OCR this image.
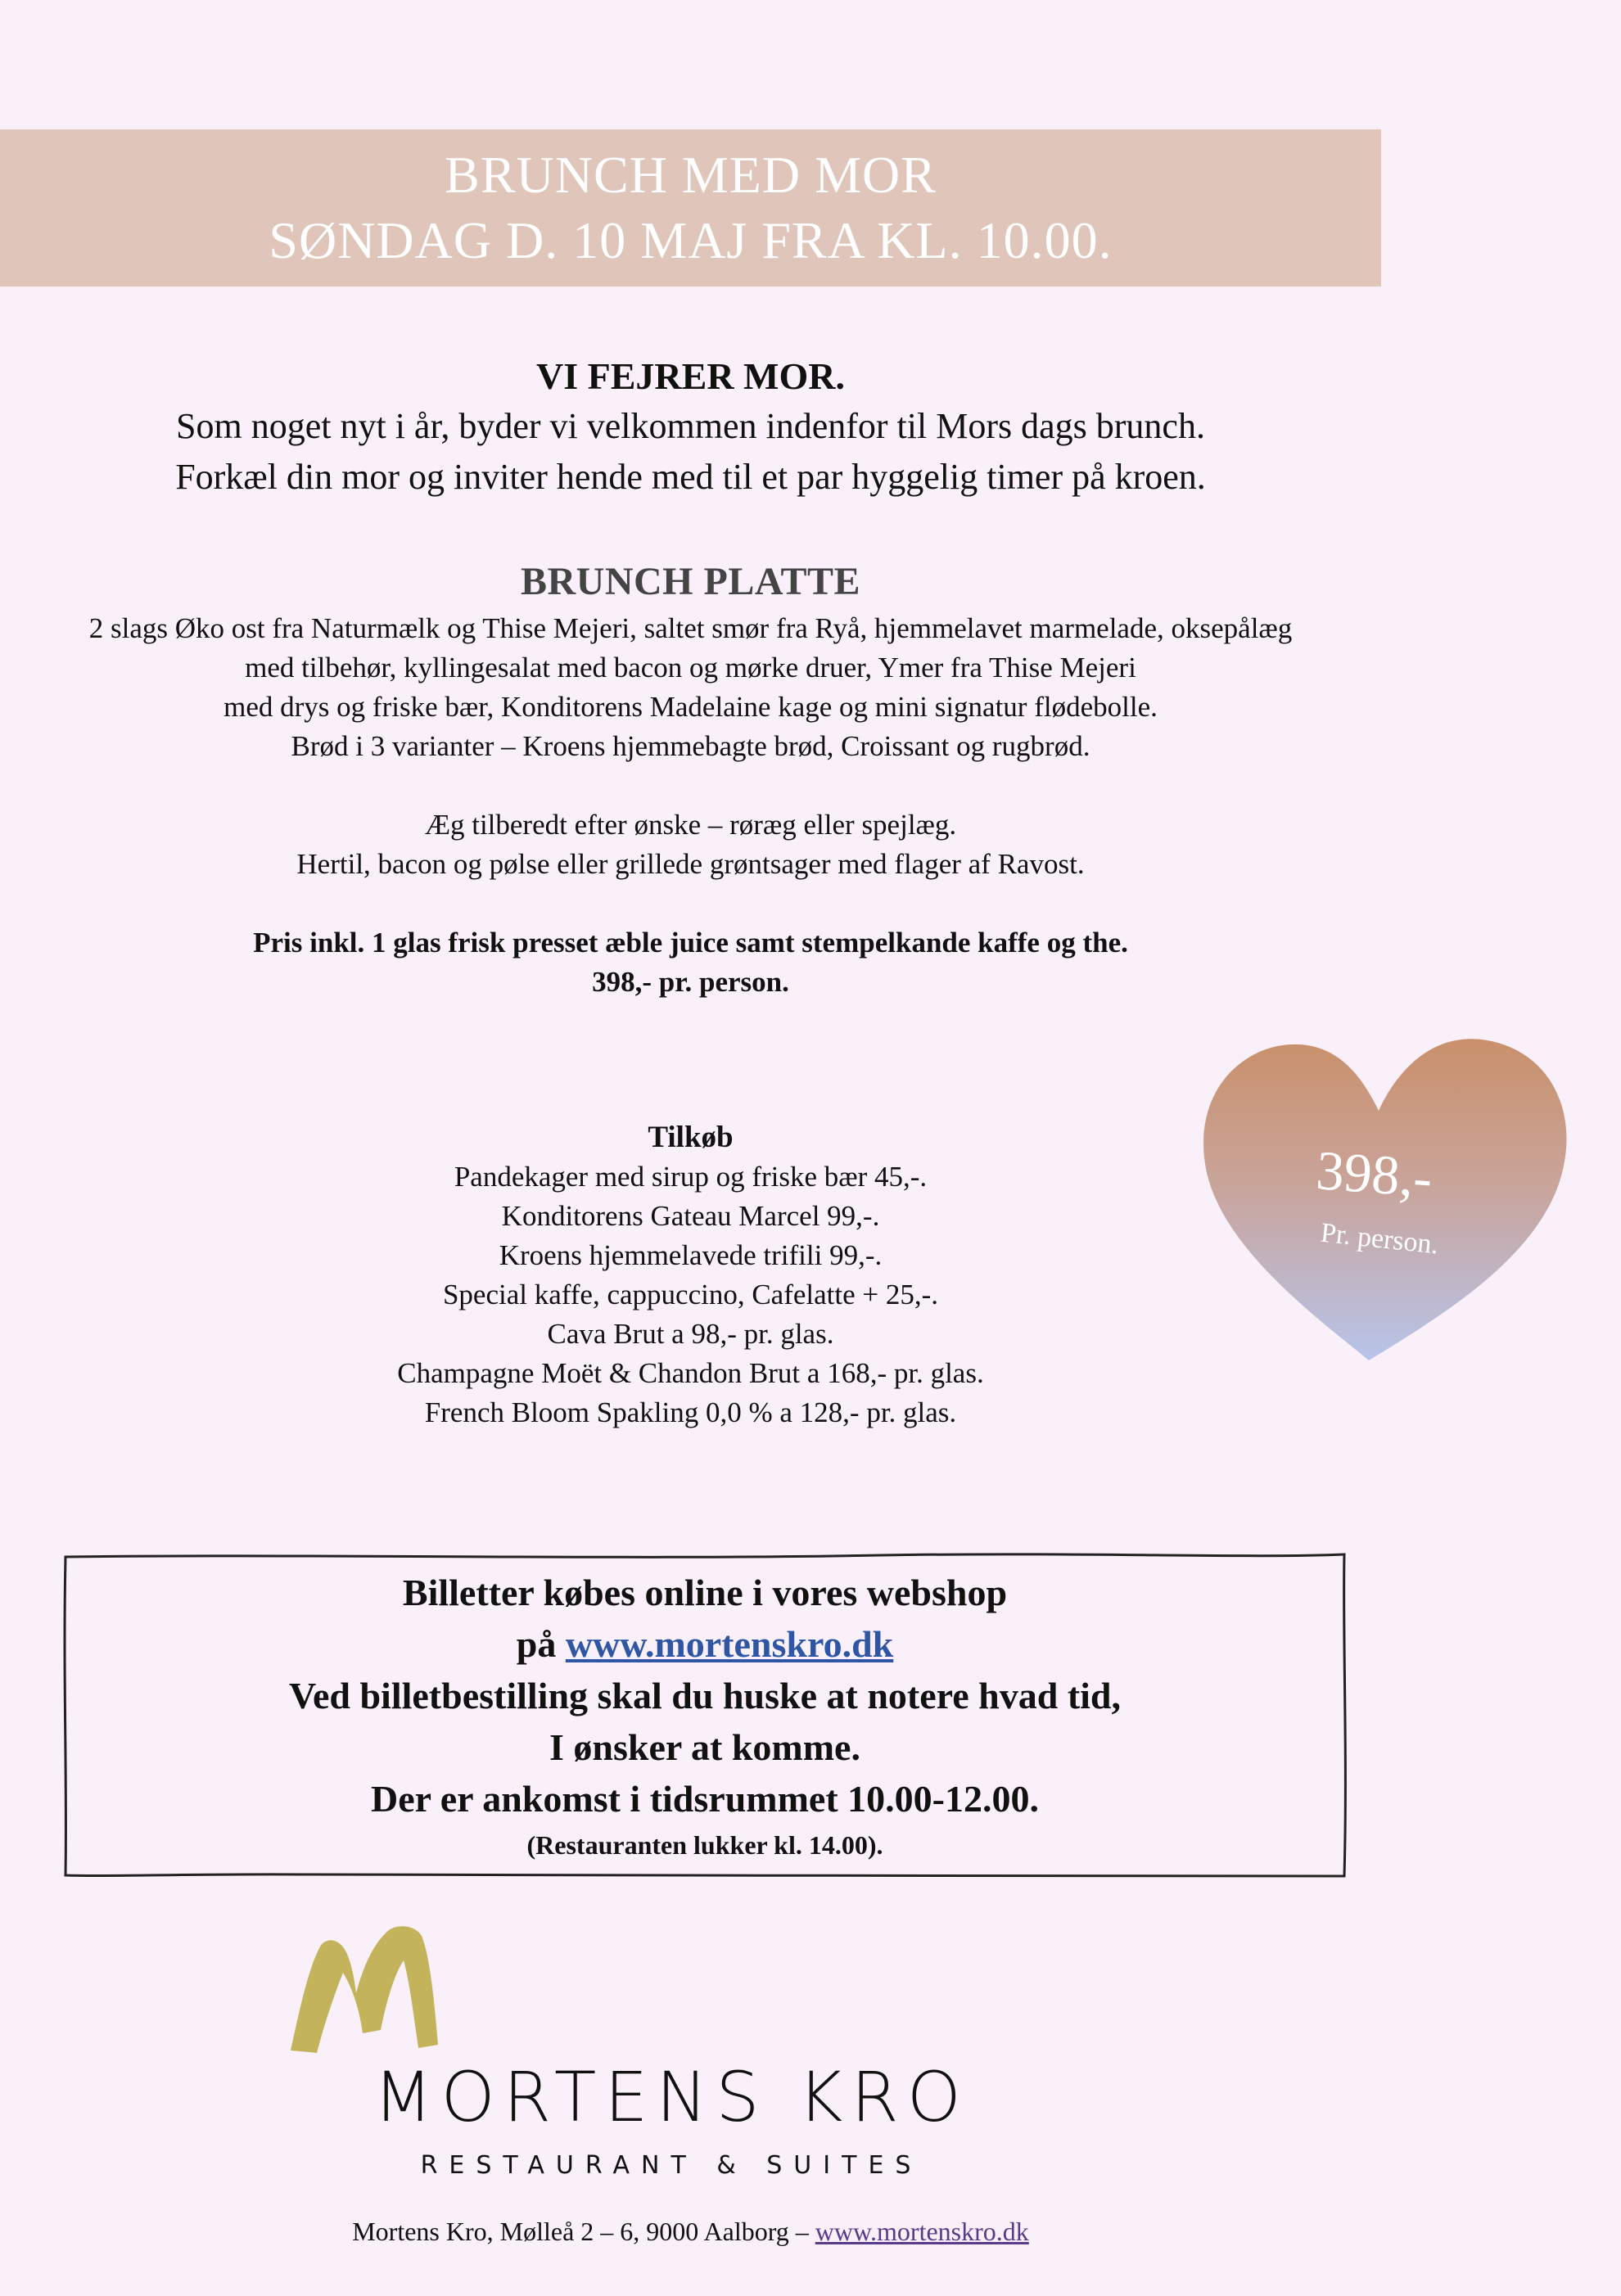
BRUNCH MED MOR
SØNDAG D. 10 MAJ FRA KL. 10.00.
VI FEJRER MOR.
Som noget nyt i år, byder vi velkommen indenfor til Mors dags brunch.
Forkæl din mor og inviter hende med til et par hyggelig timer på kroen.
BRUNCH PLATTE
2 slags Øko ost fra Naturmælk og Thise Mejeri, saltet smør fra Ryå, hjemmelavet marmelade, oksepålæg
med tilbehør, kyllingesalat med bacon og mørke druer, Ymer fra Thise Mejeri
med drys og friske bær, Konditorens Madelaine kage og mini signatur flødebolle.
Brød i 3 varianter – Kroens hjemmebagte brød, Croissant og rugbrød.
Æg tilberedt efter ønske – røræg eller spejlæg.
Hertil, bacon og pølse eller grillede grøntsager med flager af Ravost.
Pris inkl. 1 glas frisk presset æble juice samt stempelkande kaffe og the.
398,- pr. person.
Tilkøb
Pandekager med sirup og friske bær 45,-.
Konditorens Gateau Marcel 99,-.
Kroens hjemmelavede trifili 99,-.
Special kaffe, cappuccino, Cafelatte + 25,-.
Cava Brut a 98,- pr. glas.
Champagne Moët & Chandon Brut a 168,- pr. glas.
French Bloom Spakling 0,0 % a 128,- pr. glas.
398,-
Pr. person.
Billetter købes online i vores webshop
på www.mortenskro.dk
Ved billetbestilling skal du huske at notere hvad tid,
I ønsker at komme.
Der er ankomst i tidsrummet 10.00-12.00.
(Restauranten lukker kl. 14.00).
MORTENS KRO
RESTAURANT & SUITES
Mortens Kro, Mølleå 2 – 6, 9000 Aalborg – www.mortenskro.dk
